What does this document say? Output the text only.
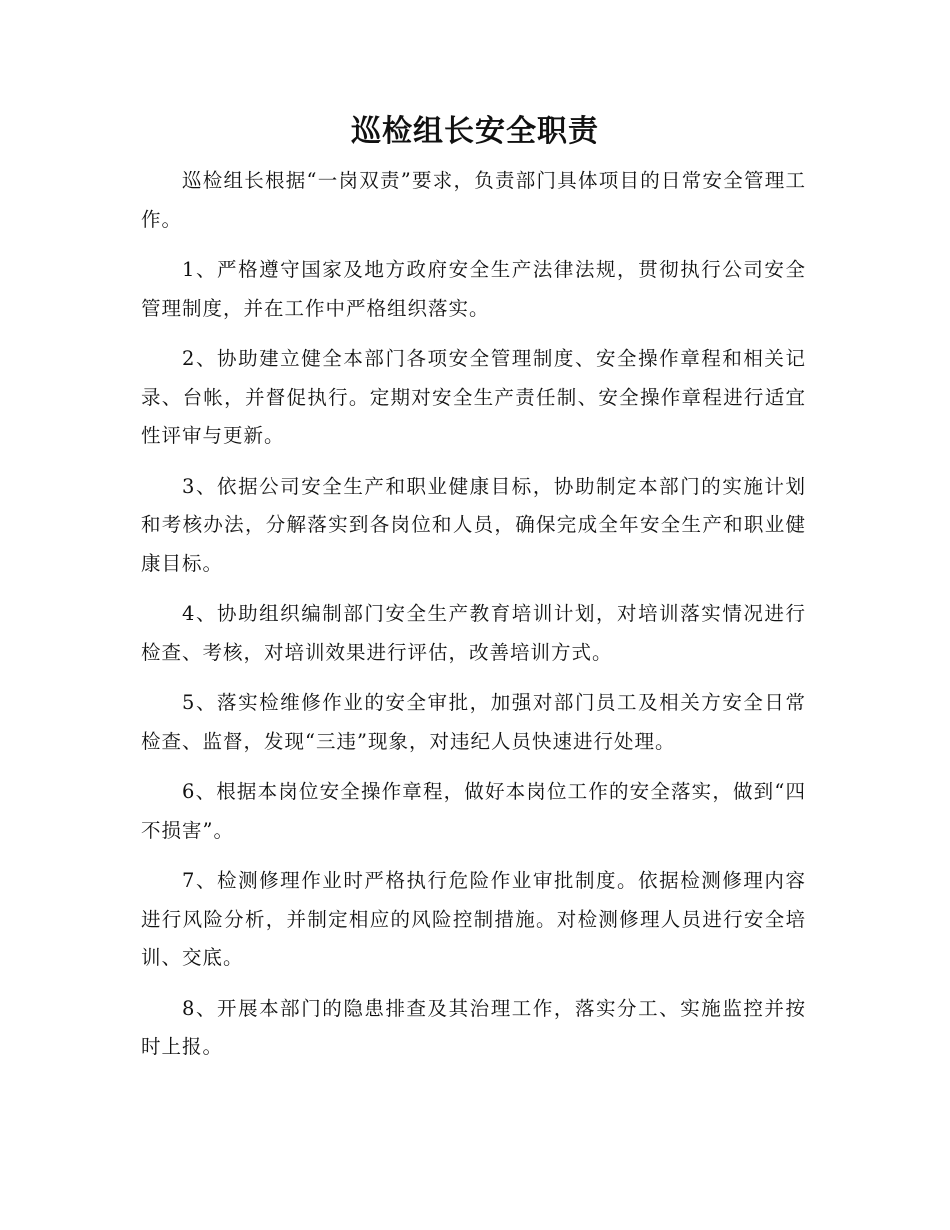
巡检组长安全职责

巡检组长根据“一岗双责”要求，负责部门具体项目的日常安全管理工作。

1、严格遵守国家及地方政府安全生产法律法规，贯彻执行公司安全管理制度，并在工作中严格组织落实。

2、协助建立健全本部门各项安全管理制度、安全操作章程和相关记录、台帐，并督促执行。定期对安全生产责任制、安全操作章程进行适宜性评审与更新。

3、依据公司安全生产和职业健康目标，协助制定本部门的实施计划和考核办法，分解落实到各岗位和人员，确保完成全年安全生产和职业健康目标。

4、协助组织编制部门安全生产教育培训计划，对培训落实情况进行检查、考核，对培训效果进行评估，改善培训方式。

5、落实检维修作业的安全审批，加强对部门员工及相关方安全日常检查、监督，发现“三违”现象，对违纪人员快速进行处理。

6、根据本岗位安全操作章程，做好本岗位工作的安全落实，做到“四不损害”。

7、检测修理作业时严格执行危险作业审批制度。依据检测修理内容进行风险分析，并制定相应的风险控制措施。对检测修理人员进行安全培训、交底。

8、开展本部门的隐患排查及其治理工作，落实分工、实施监控并按时上报。
